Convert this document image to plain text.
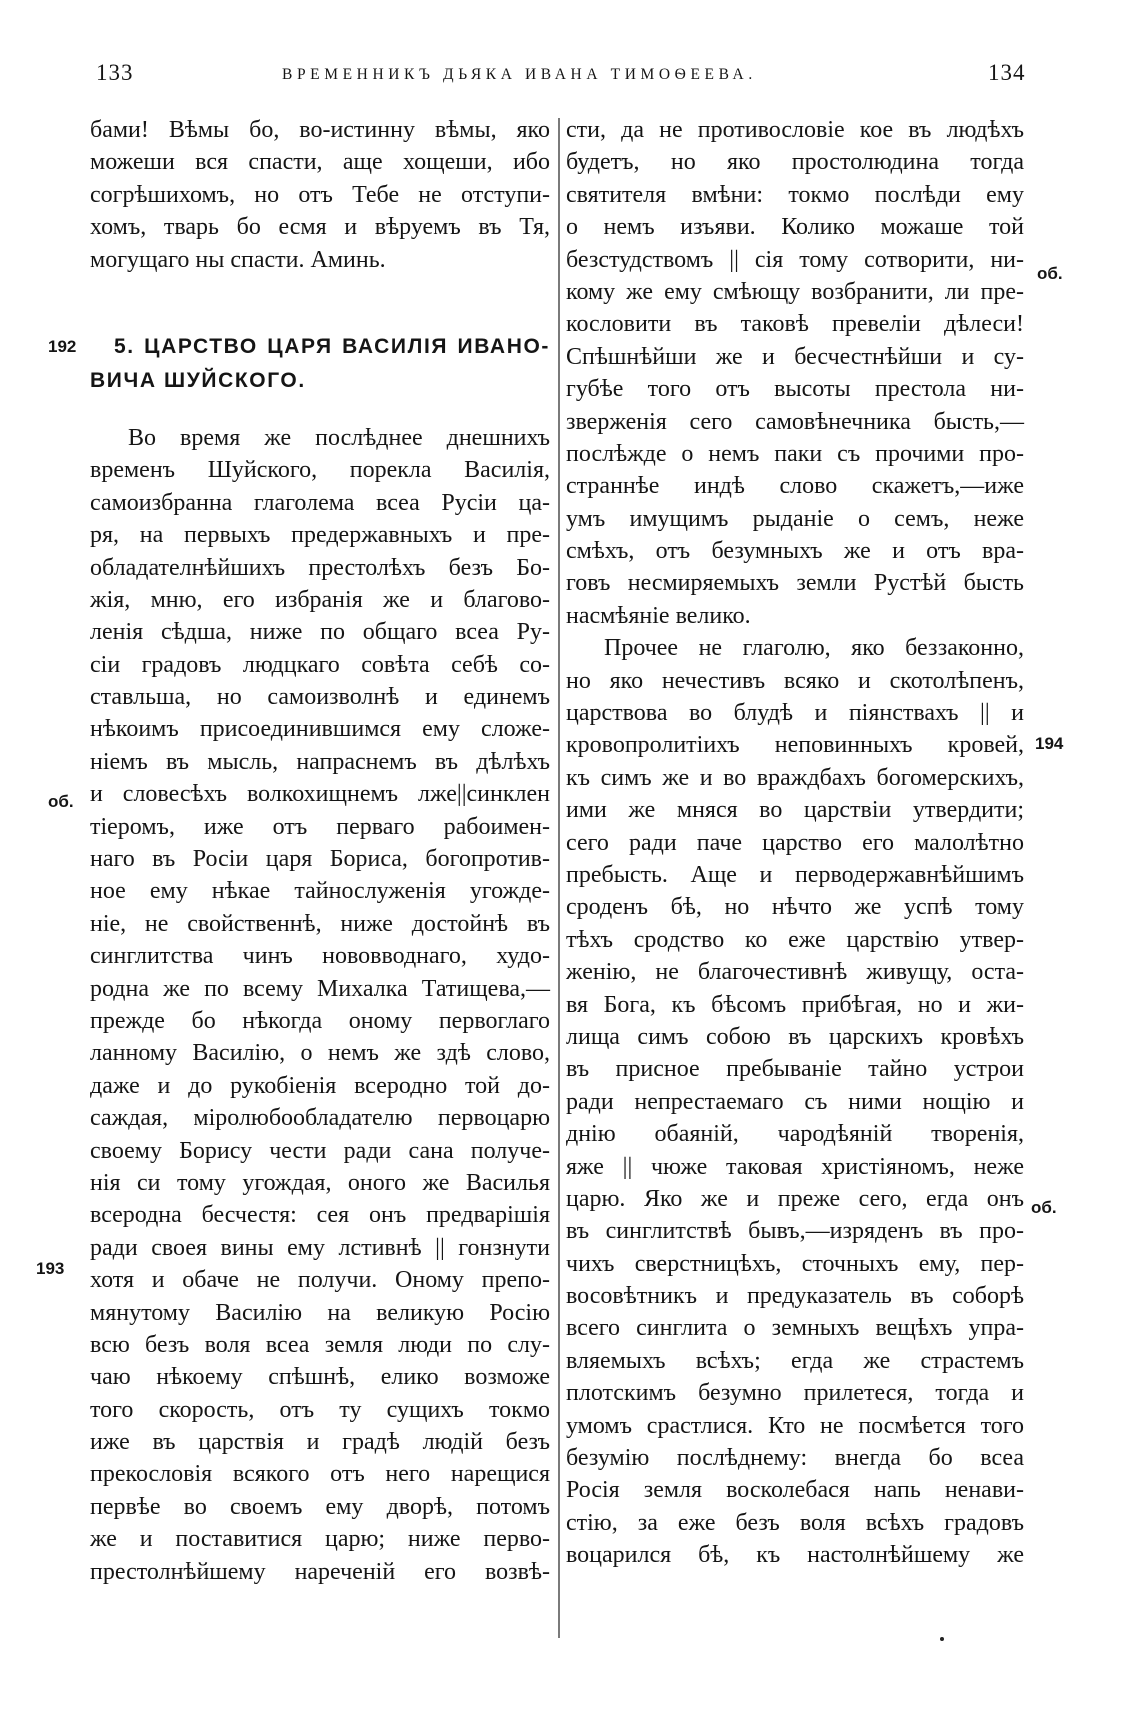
133	ВРЕМЕННИКЪ ДЬЯКА ИВАНА ТИМОѲЕЕВА.	134
бами! Вѣмы бо, во-истинну вѣмы, яко
можеши вся спасти, аще хощеши, ибо
согрѣшихомъ, но отъ Тебе не отступи-
хомъ, тварь бо есмя и вѣруемъ въ Тя,
могущаго ны спасти. Аминь.
5. ЦАРСТВО ЦАРЯ ВАСИЛІЯ ИВАНО-
ВИЧА ШУЙСКОГО.
Во время же послѣднее днешнихъ
временъ Шуйского, порекла Василія,
самоизбранна глаголема всеа Русіи ца-
ря, на первыхъ предержавныхъ и пре-
обладателнѣйшихъ престолѣхъ безъ Бо-
жія, мню, его избранія же и благово-
ленія сѣдша, ниже по общаго всеа Ру-
сіи градовъ людцкаго совѣта себѣ со-
ставльша, но самоизволнѣ и единемъ
нѣкоимъ присоединившимся ему сложе-
ніемъ въ мысль, напраснемъ въ дѣлѣхъ
и словесѣхъ волкохищнемъ лже||синклен
тіеромъ, иже отъ перваго рабоимен-
наго въ Росіи царя Бориса, богопротив-
ное ему нѣкае тайнослуженія угожде-
ніе, не свойственнѣ, ниже достойнѣ въ
синглитства чинъ нововводнаго, худо-
родна же по всему Михалка Татищева,—
прежде бо нѣкогда оному первоглаго
ланному Василію, о немъ же здѣ слово,
даже и до рукобіенія всеродно той до-
саждая, міролюбообладателю первоцарю
своему Борису чести ради сана получе-
нія си тому угождая, оного же Василья
всеродна бесчестя: сея онъ предварішія
ради своея вины ему лстивнѣ || гонзнути
хотя и обаче не получи. Оному препо-
мянутому Василію на великую Росію
всю безъ воля всеа земля люди по слу-
чаю нѣкоему спѣшнѣ, елико возможе
того скорость, отъ ту сущихъ токмо
иже въ царствія и градѣ людій безъ
прекословія всякого отъ него нарещися
первѣе во своемъ ему дворѣ, потомъ
же и поставитися царю; ниже перво-
престолнѣйшему нареченій его возвѣ-
сти, да не противословіе кое въ людѣхъ
будетъ, но яко простолюдина тогда
святителя вмѣни: токмо послѣди ему
о немъ изъяви. Колико можаше той
безстудствомъ || сія тому сотворити, ни-
кому же ему смѣющу возбранити, ли пре-
кословити въ таковѣ превеліи дѣлеси!
Спѣшнѣйши же и бесчестнѣйши и су-
губѣе того отъ высоты престола ни-
зверженія сего самовѣнечника бысть,—
послѣжде о немъ паки съ прочими про-
страннѣе индѣ слово скажетъ,—иже
умъ имущимъ рыданіе о семъ, неже
смѣхъ, отъ безумныхъ же и отъ вра-
говъ несмиряемыхъ земли Рустѣй бысть
насмѣяніе велико.
Прочее не глаголю, яко беззаконно,
но яко нечестивъ всяко и скотолѣпенъ,
царствова во блудѣ и піянствахъ || и
кровопролитіихъ неповинныхъ кровей,
къ симъ же и во враждбахъ богомерскихъ,
ими же мняся во царствіи утвердити;
сего ради паче царство его малолѣтно
пребысть. Аще и перводержавнѣйшимъ
сроденъ бѣ, но нѣчто же успѣ тому
тѣхъ сродство ко еже царствію утвер-
женію, не благочестивнѣ живущу, оста-
вя Бога, къ бѣсомъ прибѣгая, но и жи-
лища симъ собою въ царскихъ кровѣхъ
въ присное пребываніе тайно устрои
ради непрестаемаго съ ними нощію и
днію обаяній, чародѣяній творенія,
яже || чюже таковая христіяномъ, неже
царю. Яко же и преже сего, егда онъ
въ синглитствѣ бывъ,—изряденъ въ про-
чихъ сверстницѣхъ, сточныхъ ему, пер-
восовѣтникъ и предуказатель въ соборѣ
всего синглита о земныхъ вещѣхъ упра-
вляемыхъ всѣхъ; егда же страстемъ
плотскимъ безумно прилетеся, тогда и
умомъ срастлися. Кто не посмѣется того
безумію послѣднему: внегда бо всеа
Росія земля восколебася напь ненави-
стію, за еже безъ воля всѣхъ градовъ
воцарился бѣ, къ настолнѣйшему же
192
об.
193
об.
194
об.
